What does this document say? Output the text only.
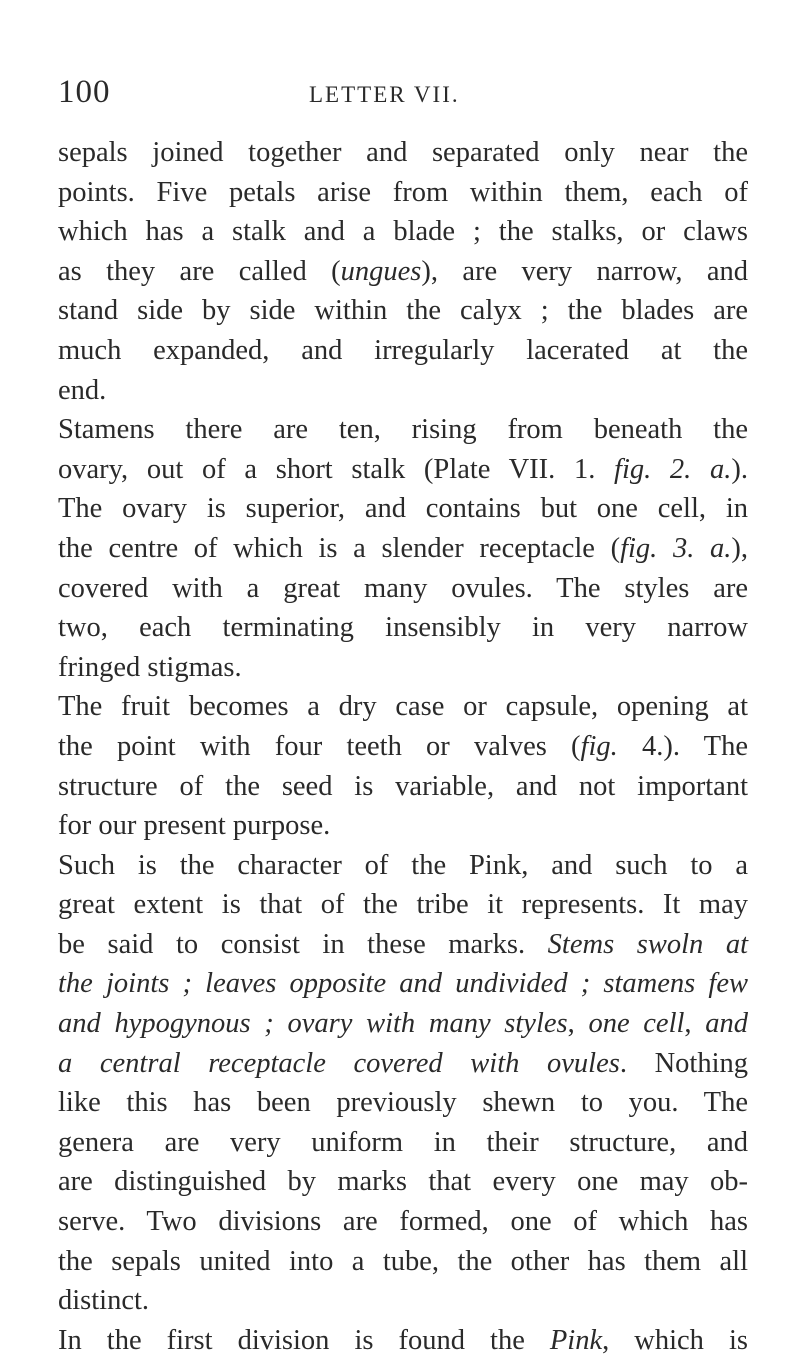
100	LETTER VII.
sepals joined together and separated only near the
points. Five petals arise from within them, each of
which has a stalk and a blade ; the stalks, or claws
as they are called (ungues), are very narrow, and
stand side by side within the calyx ; the blades are
much expanded, and irregularly lacerated at the
end.
Stamens there are ten, rising from beneath the
ovary, out of a short stalk (Plate VII. 1. fig. 2. a.).
The ovary is superior, and contains but one cell, in
the centre of which is a slender receptacle (fig. 3. a.),
covered with a great many ovules. The styles are
two, each terminating insensibly in very narrow
fringed stigmas.
The fruit becomes a dry case or capsule, opening at
the point with four teeth or valves (fig. 4.). The
structure of the seed is variable, and not important
for our present purpose.
Such is the character of the Pink, and such to a
great extent is that of the tribe it represents. It may
be said to consist in these marks. Stems swoln at
the joints ; leaves opposite and undivided ; stamens few
and hypogynous ; ovary with many styles, one cell, and
a central receptacle covered with ovules. Nothing
like this has been previously shewn to you. The
genera are very uniform in their structure, and
are distinguished by marks that every one may ob-
serve. Two divisions are formed, one of which has
the sepals united into a tube, the other has them all
distinct.
In the first division is found the Pink, which is
